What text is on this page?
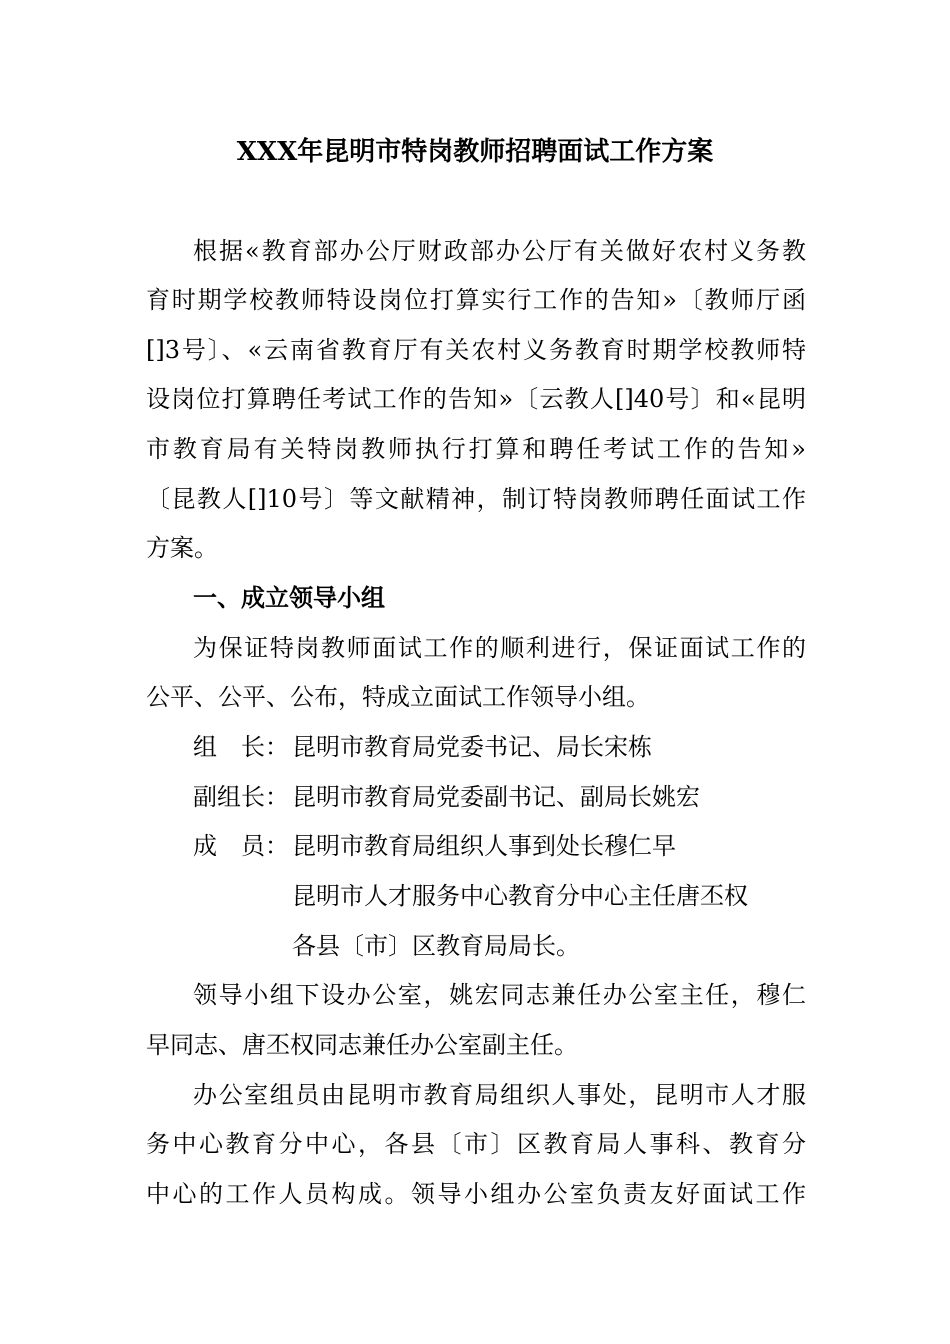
XXX年昆明市特岗教师招聘面试工作方案
根据«教育部办公厅财政部办公厅有关做好农村义务教
育时期学校教师特设岗位打算实行工作的告知»〔教师厅函
[]3号〕、«云南省教育厅有关农村义务教育时期学校教师特
设岗位打算聘任考试工作的告知»〔云教人[]40号〕和«昆明
市教育局有关特岗教师执行打算和聘任考试工作的告知»
〔昆教人[]10号〕等文献精神，制订特岗教师聘任面试工作
方案。
一、成立领导小组
为保证特岗教师面试工作的顺利进行，保证面试工作的
公平、公平、公布，特成立面试工作领导小组。
组　长： 昆明市教育局党委书记、局长宋栋
副组长： 昆明市教育局党委副书记、副局长姚宏
成　员： 昆明市教育局组织人事到处长穆仁早
昆明市人才服务中心教育分中心主任唐丕权
各县〔市〕区教育局局长。
领导小组下设办公室，姚宏同志兼任办公室主任，穆仁
早同志、唐丕权同志兼任办公室副主任。
办公室组员由昆明市教育局组织人事处，昆明市人才服
务中心教育分中心，各县〔市〕区教育局人事科、教育分
中心的工作人员构成。领导小组办公室负责友好面试工作
